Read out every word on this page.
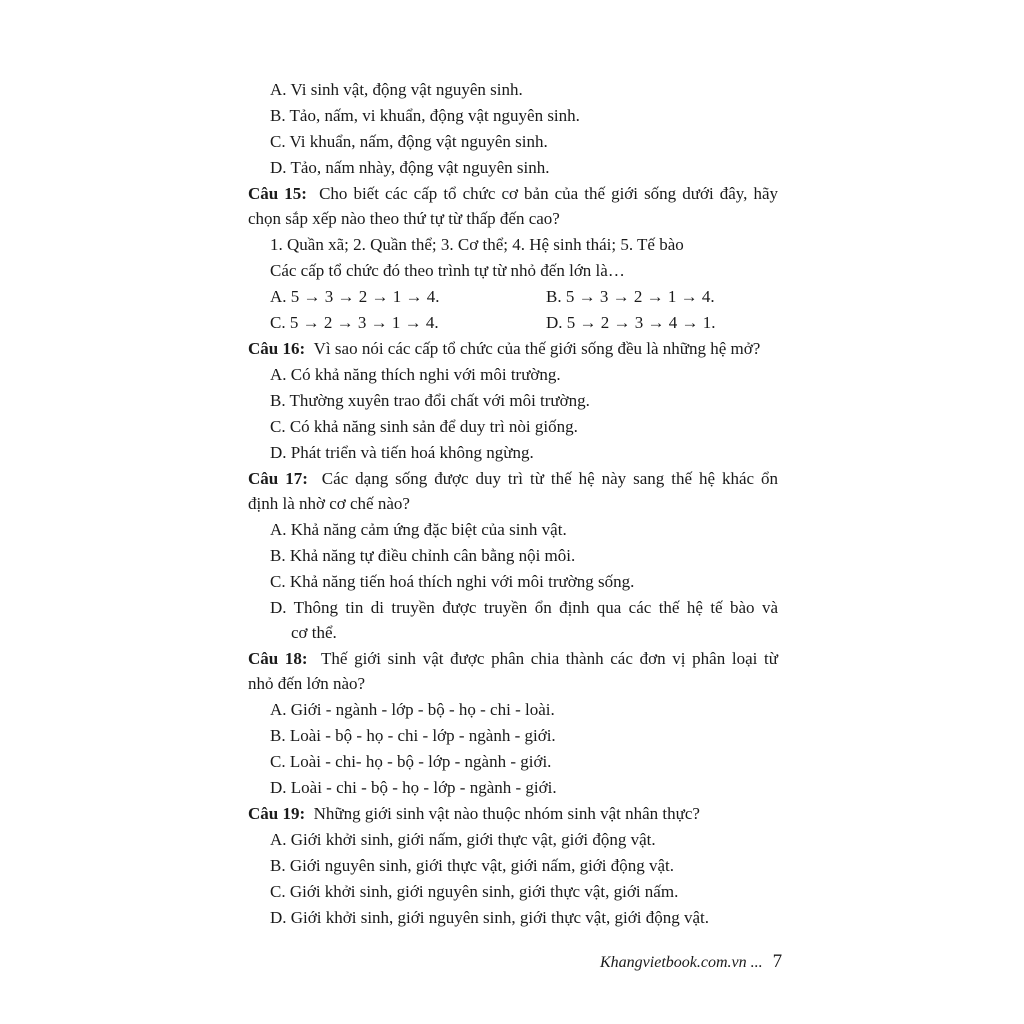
A. Vi sinh vật, động vật nguyên sinh.
B. Tảo, nấm, vi khuẩn, động vật nguyên sinh.
C. Vi khuẩn, nấm, động vật nguyên sinh.
D. Tảo, nấm nhày, động vật nguyên sinh.
Câu 15: Cho biết các cấp tổ chức cơ bản của thế giới sống dưới đây, hãy
chọn sắp xếp nào theo thứ tự từ thấp đến cao?
1. Quần xã; 2. Quần thể; 3. Cơ thể; 4. Hệ sinh thái; 5. Tế bào
Các cấp tổ chức đó theo trình tự từ nhỏ đến lớn là…
A. 5 → 3 → 2 → 1 → 4.	B. 5 → 3 → 2 → 1 → 4.
C. 5 → 2 → 3 → 1 → 4.	D. 5 → 2 → 3 → 4 → 1.
Câu 16: Vì sao nói các cấp tổ chức của thế giới sống đều là những hệ mở?
A. Có khả năng thích nghi với môi trường.
B. Thường xuyên trao đổi chất với môi trường.
C. Có khả năng sinh sản để duy trì nòi giống.
D. Phát triển và tiến hoá không ngừng.
Câu 17: Các dạng sống được duy trì từ thế hệ này sang thế hệ khác ổn
định là nhờ cơ chế nào?
A. Khả năng cảm ứng đặc biệt của sinh vật.
B. Khả năng tự điều chỉnh cân bằng nội môi.
C. Khả năng tiến hoá thích nghi với môi trường sống.
D. Thông tin di truyền được truyền ổn định qua các thế hệ tế bào và
cơ thể.
Câu 18: Thế giới sinh vật được phân chia thành các đơn vị phân loại từ
nhỏ đến lớn nào?
A. Giới - ngành - lớp - bộ - họ - chi - loài.
B. Loài - bộ - họ - chi - lớp - ngành - giới.
C. Loài - chi- họ - bộ - lớp - ngành - giới.
D. Loài - chi - bộ - họ - lớp - ngành - giới.
Câu 19: Những giới sinh vật nào thuộc nhóm sinh vật nhân thực?
A. Giới khởi sinh, giới nấm, giới thực vật, giới động vật.
B. Giới nguyên sinh, giới thực vật, giới nấm, giới động vật.
C. Giới khởi sinh, giới nguyên sinh, giới thực vật, giới nấm.
D. Giới khởi sinh, giới nguyên sinh, giới thực vật, giới động vật.
Khangvietbook.com.vn ... 7
